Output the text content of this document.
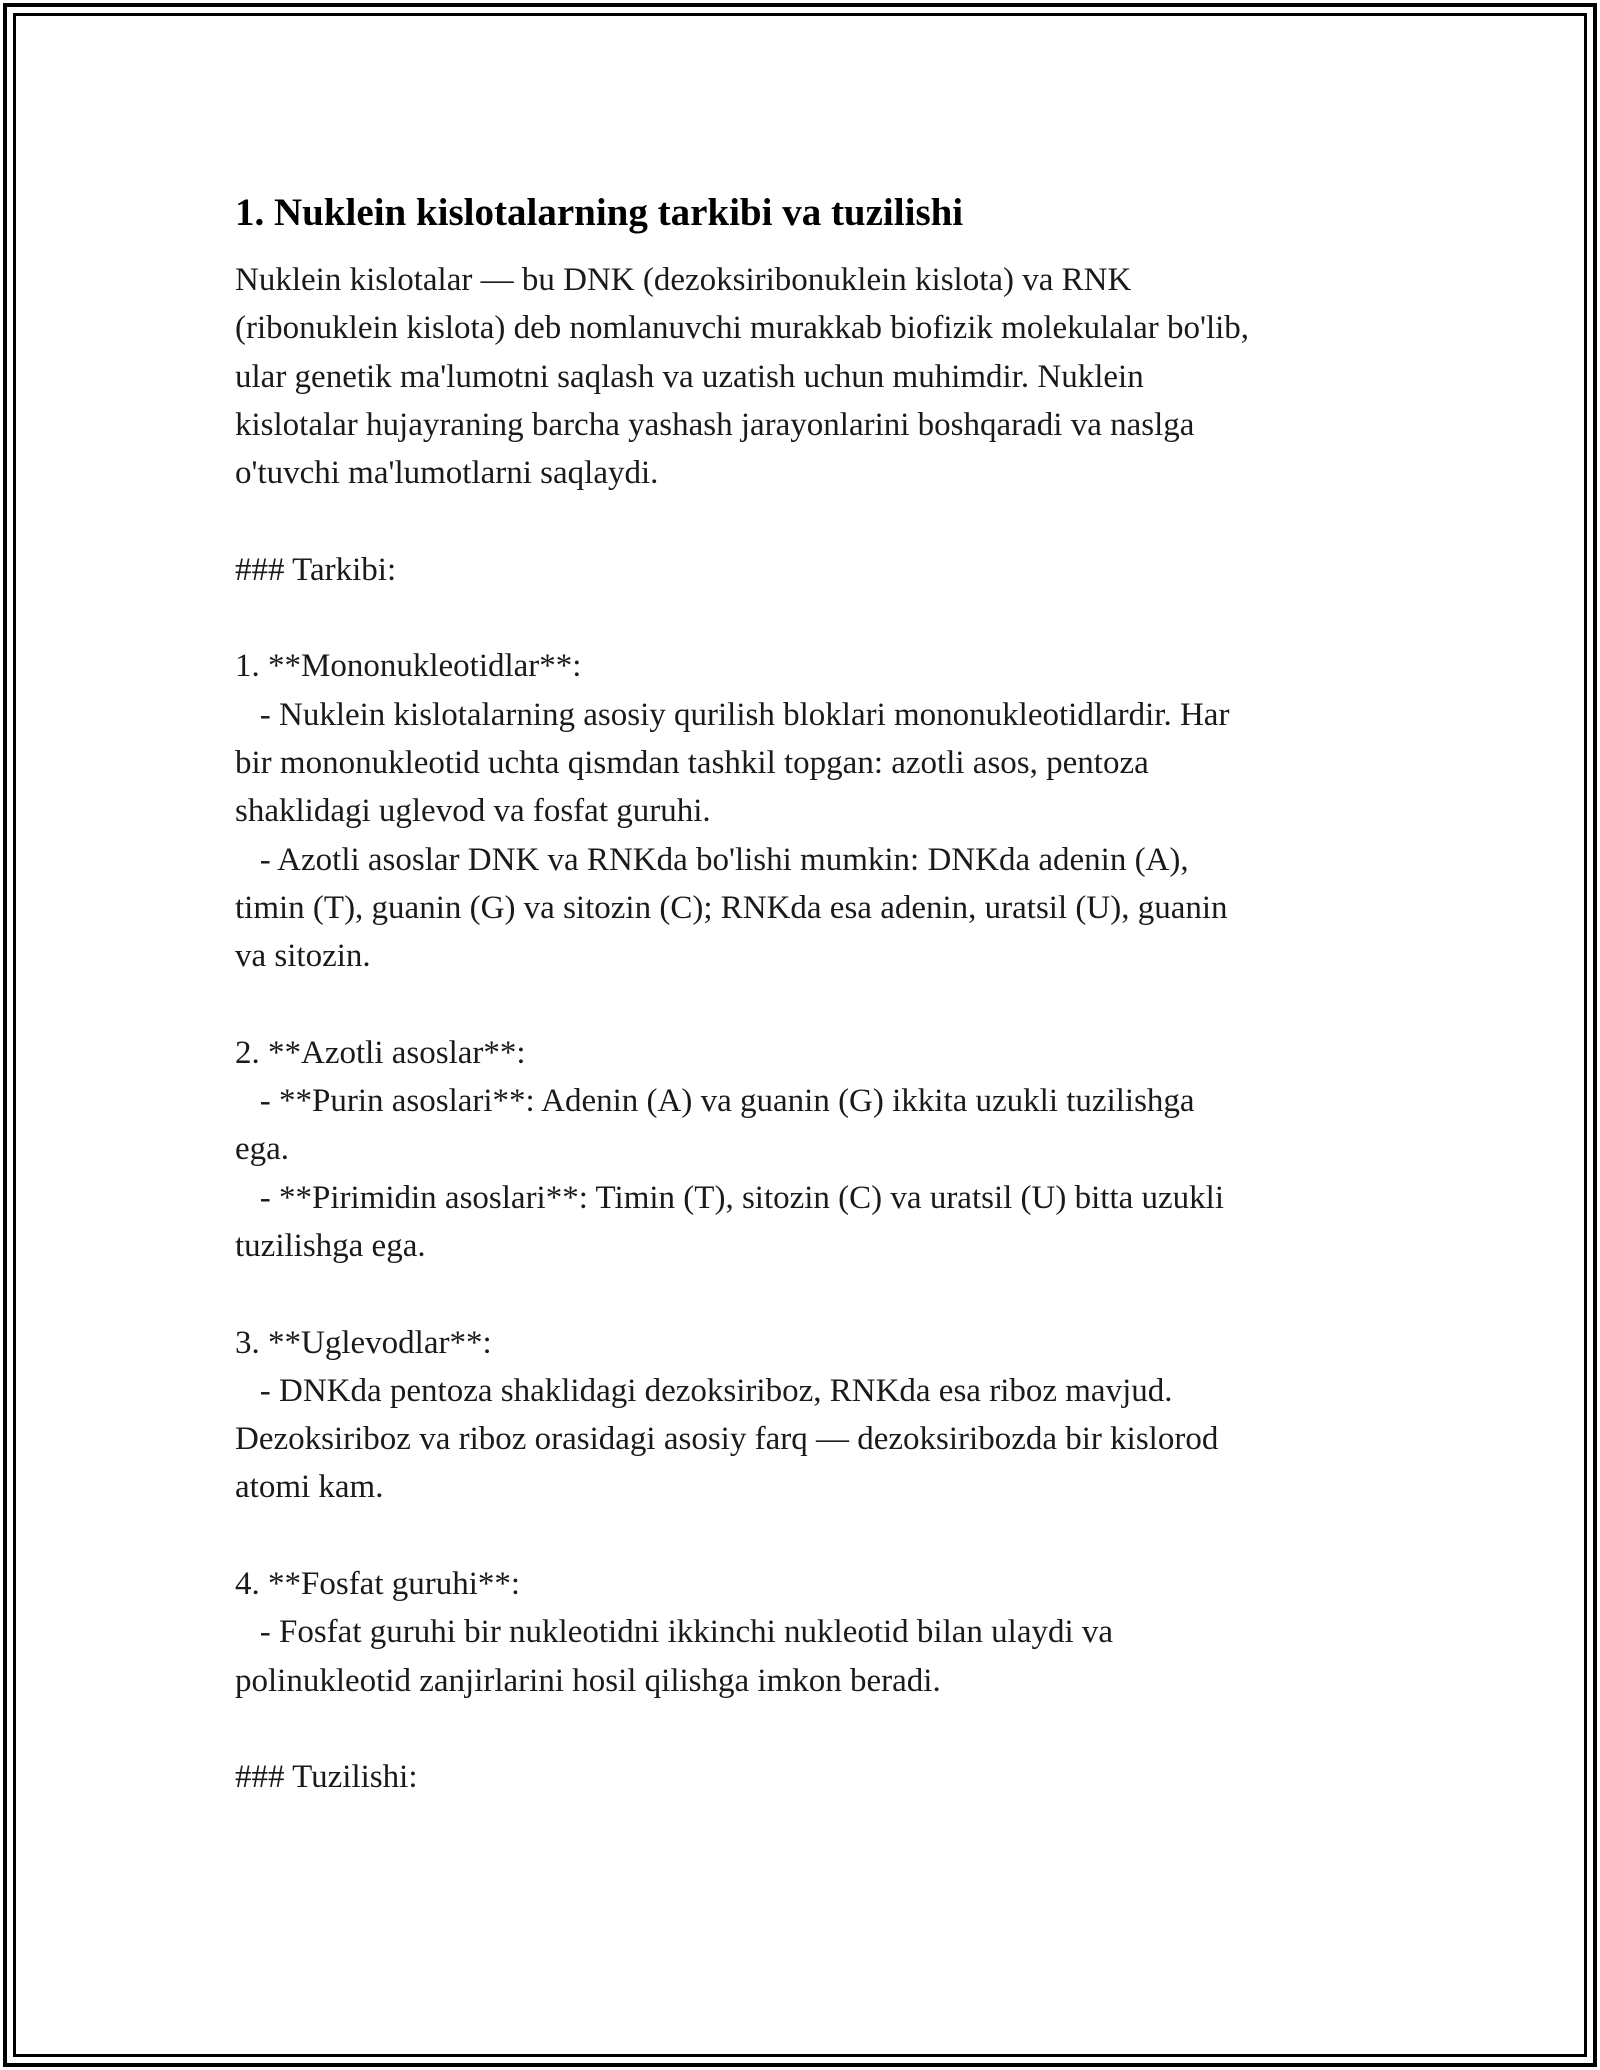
1. Nuklein kislotalarning tarkibi va tuzilishi
Nuklein kislotalar — bu DNK (dezoksiribonuklein kislota) va RNK
(ribonuklein kislota) deb nomlanuvchi murakkab biofizik molekulalar bo'lib,
ular genetik ma'lumotni saqlash va uzatish uchun muhimdir. Nuklein
kislotalar hujayraning barcha yashash jarayonlarini boshqaradi va naslga
o'tuvchi ma'lumotlarni saqlaydi.
### Tarkibi:
1. **Mononukleotidlar**:
- Nuklein kislotalarning asosiy qurilish bloklari mononukleotidlardir. Har
bir mononukleotid uchta qismdan tashkil topgan: azotli asos, pentoza
shaklidagi uglevod va fosfat guruhi.
- Azotli asoslar DNK va RNKda bo'lishi mumkin: DNKda adenin (A),
timin (T), guanin (G) va sitozin (C); RNKda esa adenin, uratsil (U), guanin
va sitozin.
2. **Azotli asoslar**:
- **Purin asoslari**: Adenin (A) va guanin (G) ikkita uzukli tuzilishga
ega.
- **Pirimidin asoslari**: Timin (T), sitozin (C) va uratsil (U) bitta uzukli
tuzilishga ega.
3. **Uglevodlar**:
- DNKda pentoza shaklidagi dezoksiriboz, RNKda esa riboz mavjud.
Dezoksiriboz va riboz orasidagi asosiy farq — dezoksiribozda bir kislorod
atomi kam.
4. **Fosfat guruhi**:
- Fosfat guruhi bir nukleotidni ikkinchi nukleotid bilan ulaydi va
polinukleotid zanjirlarini hosil qilishga imkon beradi.
### Tuzilishi:
